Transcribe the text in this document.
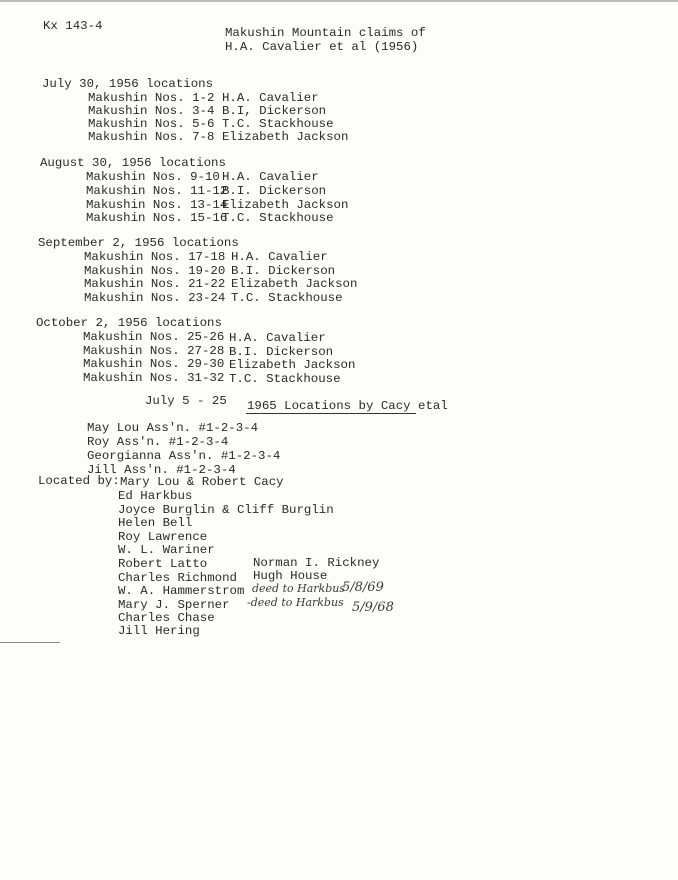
Kx 143-4	Makushin Mountain claims of
H.A. Cavalier et al (1956)
July 30, 1956 locations
Makushin Nos. 1-2 H.A. Cavalier
Makushin Nos. 3-4 B.I, Dickerson
Makushin Nos. 5-6 T.C. Stackhouse
Makushin Nos. 7-8 Elizabeth Jackson
August 30, 1956 locations
Makushin Nos. 9-10 H.A. Cavalier
Makushin Nos. 11-12
B.I. Dickerson
Makushin Nos. 13-14
Elizabeth Jackson
Makushin Nos. 15-16
T.C. Stackhouse
September 2, 1956 locations
Makushin Nos. 17-18 H.A. Cavalier
Makushin Nos. 19-20 B.I. Dickerson
Makushin Nos. 21-22 Elizabeth Jackson
Makushin Nos. 23-24 T.C. Stackhouse
October 2, 1956 locations
Makushin Nos. 25-26 H.A. Cavalier
Makushin Nos. 27-28 B.I. Dickerson
Makushin Nos. 29-30 Elizabeth Jackson
Makushin Nos. 31-32 T.C. Stackhouse
July 5 - 25 1965 Locations by Cacy etal
May Lou Ass'n. #1-2-3-4
Roy Ass'n. #1-2-3-4
Georgianna Ass'n. #1-2-3-4
Jill Ass'n. #1-2-3-4
Located by: Mary Lou & Robert Cacy
Ed Harkbus
Joyce Burglin & Cliff Burglin
Helen Bell
Roy Lawrence
W. L. Wariner
Robert Latto
Charles Richmond
W. A. Hammerstrom
Mary J. Sperner
Charles Chase
Jill Hering
Norman I. Rickney
Hugh House
deed to Harkbus
5/8/69
-deed to Harkbus 5/9/68
